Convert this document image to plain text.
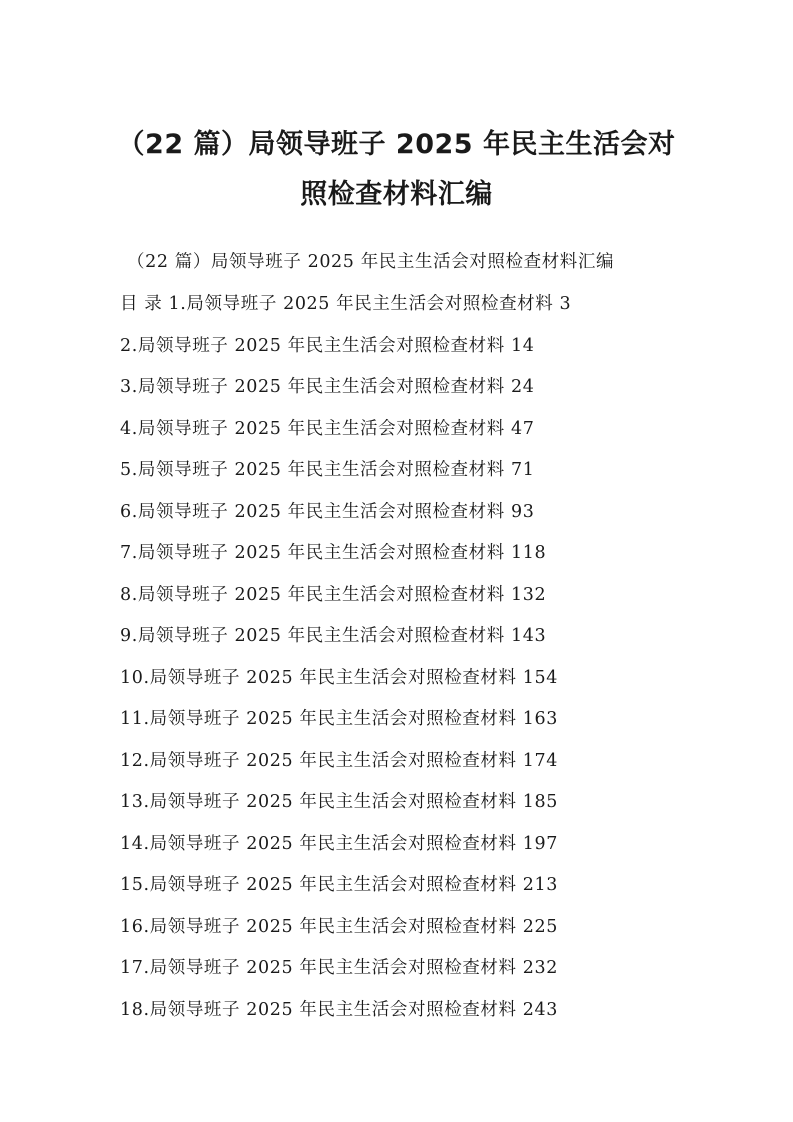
（22 篇）局领导班子 2025 年民主生活会对
照检查材料汇编
（22 篇）局领导班子 2025 年民主生活会对照检查材料汇编
目 录 1.局领导班子 2025 年民主生活会对照检查材料 3
2.局领导班子 2025 年民主生活会对照检查材料 14
3.局领导班子 2025 年民主生活会对照检查材料 24
4.局领导班子 2025 年民主生活会对照检查材料 47
5.局领导班子 2025 年民主生活会对照检查材料 71
6.局领导班子 2025 年民主生活会对照检查材料 93
7.局领导班子 2025 年民主生活会对照检查材料 118
8.局领导班子 2025 年民主生活会对照检查材料 132
9.局领导班子 2025 年民主生活会对照检查材料 143
10.局领导班子 2025 年民主生活会对照检查材料 154
11.局领导班子 2025 年民主生活会对照检查材料 163
12.局领导班子 2025 年民主生活会对照检查材料 174
13.局领导班子 2025 年民主生活会对照检查材料 185
14.局领导班子 2025 年民主生活会对照检查材料 197
15.局领导班子 2025 年民主生活会对照检查材料 213
16.局领导班子 2025 年民主生活会对照检查材料 225
17.局领导班子 2025 年民主生活会对照检查材料 232
18.局领导班子 2025 年民主生活会对照检查材料 243
